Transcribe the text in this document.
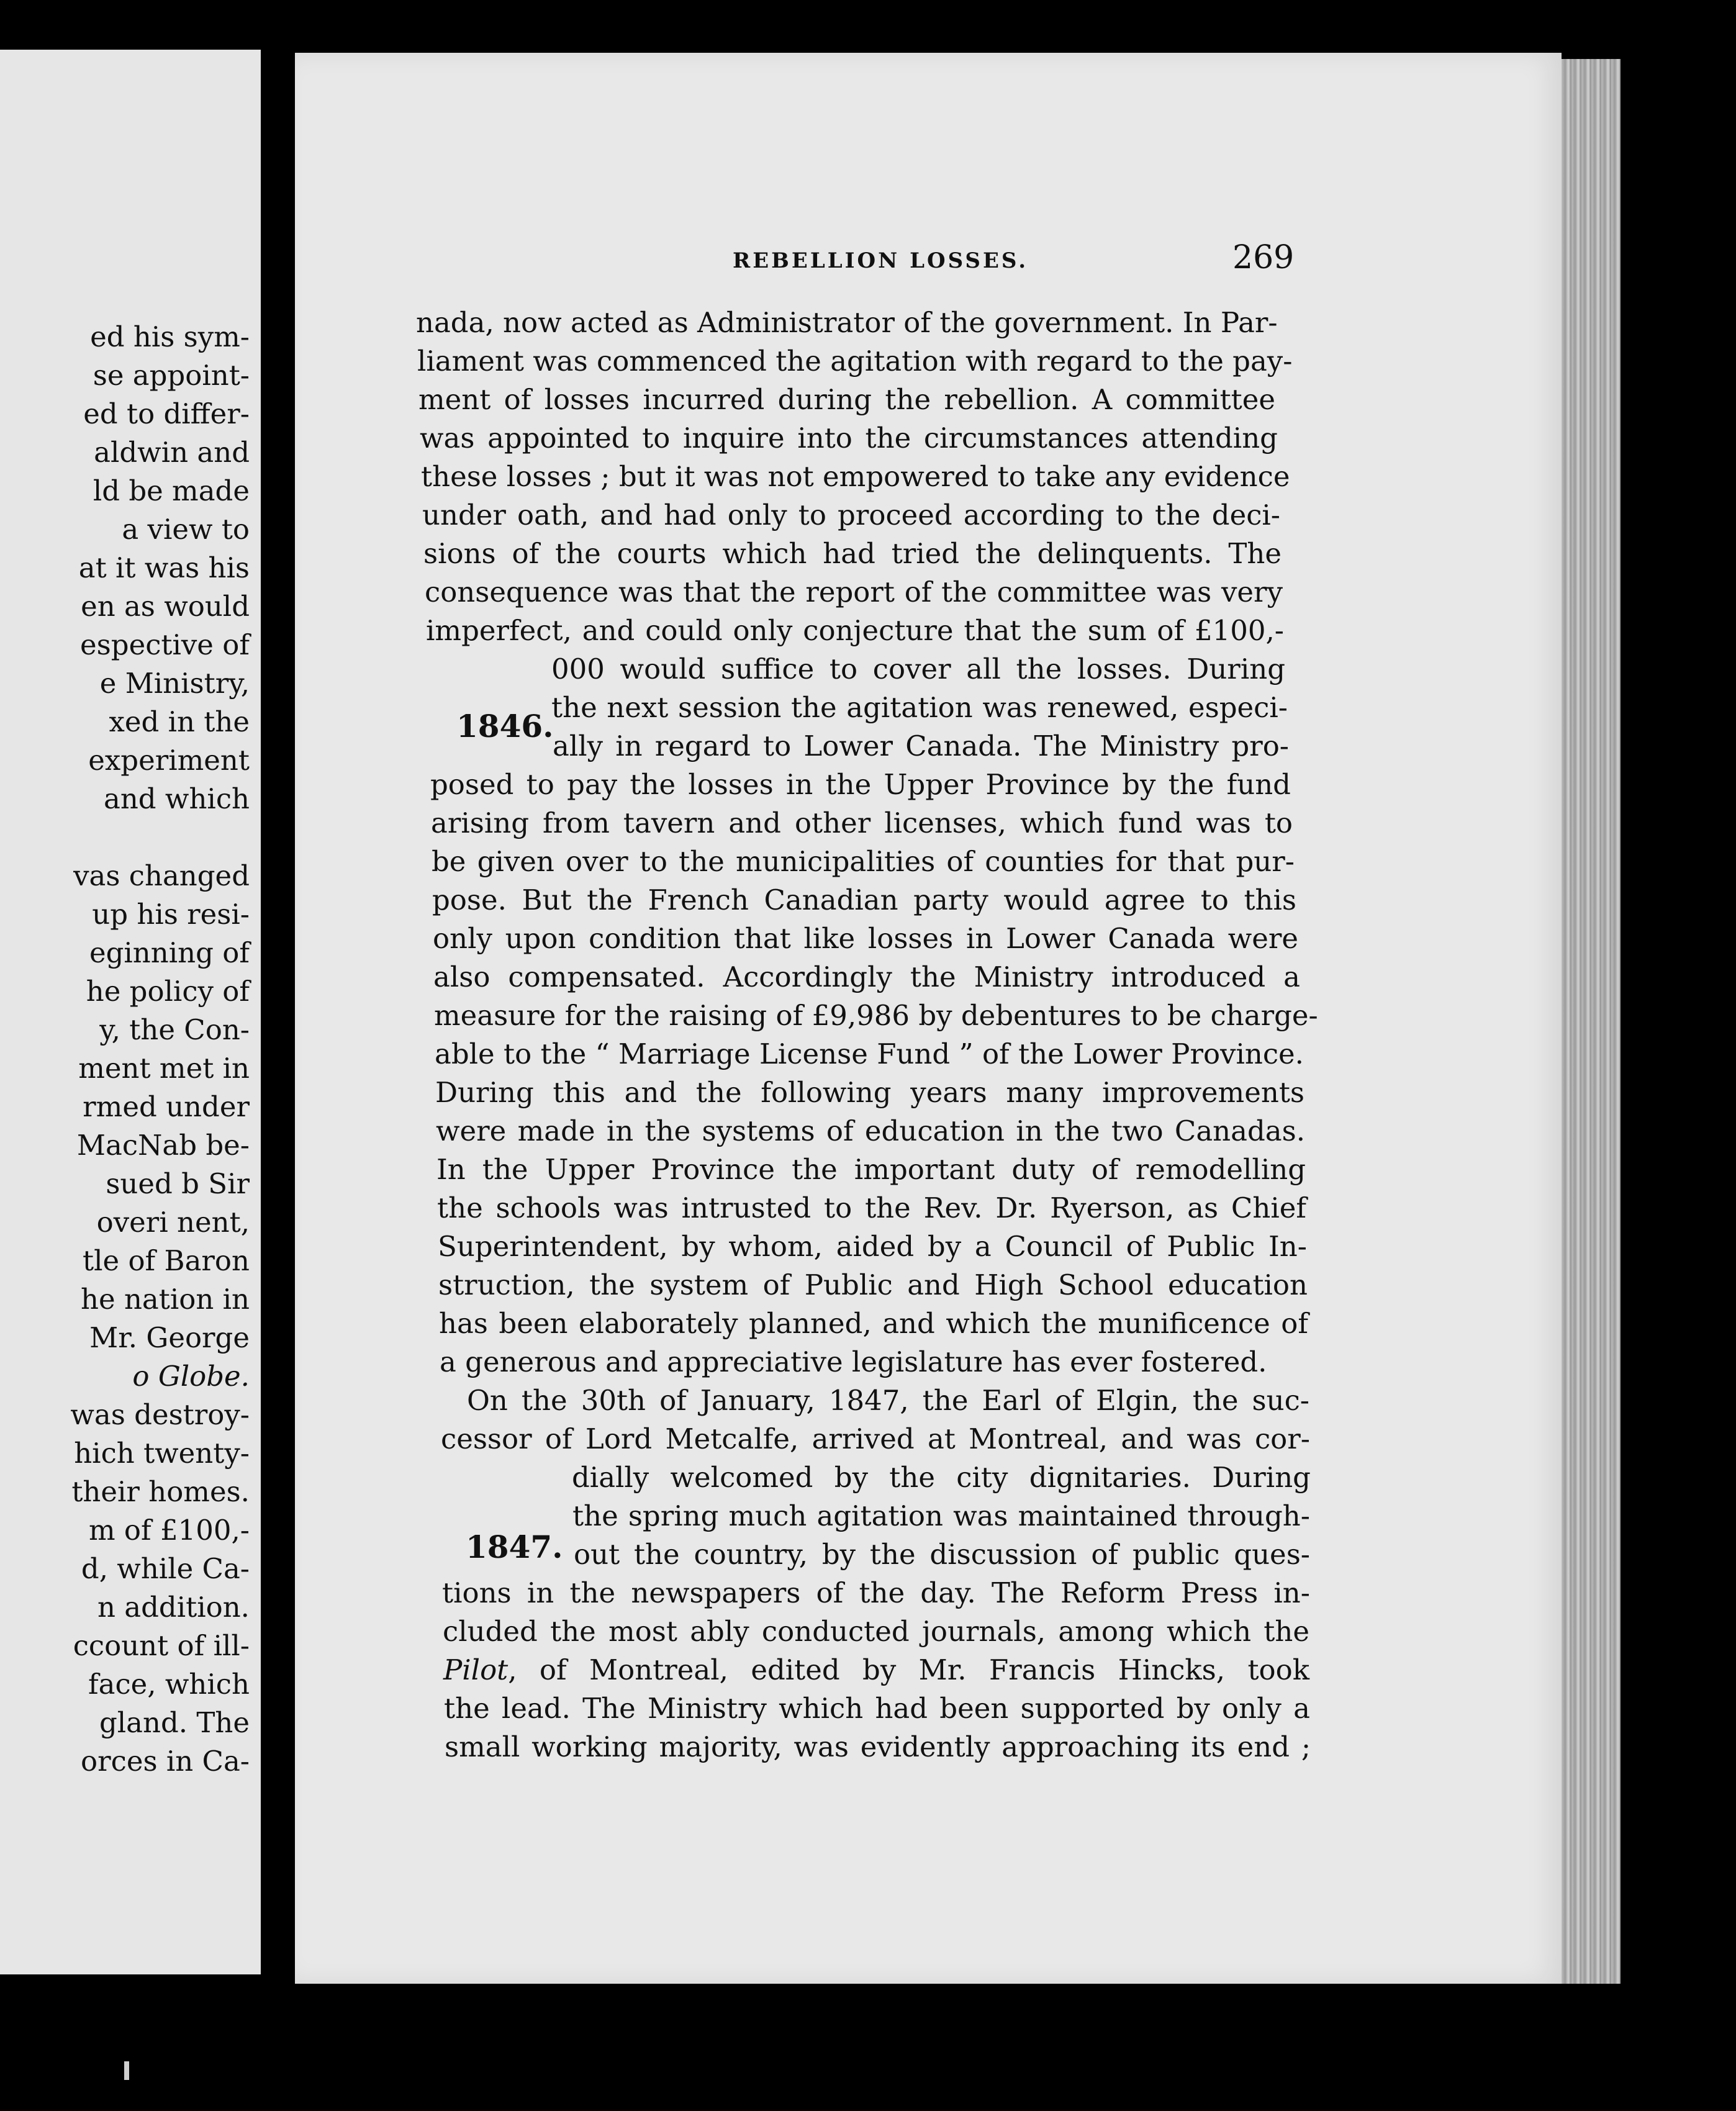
ed his sym-
se appoint-
ed to differ-
aldwin and
ld be made
a view to
at it was his
en as would
espective of
e Ministry,
xed in the
experiment
and which
vas changed
up his resi-
eginning of
he policy of
y, the Con-
ment met in
rmed under
MacNab be-
sued b Sir
overi nent,
tle of Baron
he nation in
Mr. George
o Globe.
was destroy-
hich twenty-
their homes.
m of £100,-
d, while Ca-
n addition.
ccount of ill-
face, which
gland. The
orces in Ca-
REBELLION LOSSES.	269
1846.
1847.
nada, now acted as Administrator of the government. In Par-
liament was commenced the agitation with regard to the pay-
ment of losses incurred during the rebellion. A committee
was appointed to inquire into the circumstances attending
these losses ; but it was not empowered to take any evidence
under oath, and had only to proceed according to the deci-
sions of the courts which had tried the delinquents. The
consequence was that the report of the committee was very
imperfect, and could only conjecture that the sum of £100,-
000 would suffice to cover all the losses. During
the next session the agitation was renewed, especi-
ally in regard to Lower Canada. The Ministry pro-
posed to pay the losses in the Upper Province by the fund
arising from tavern and other licenses, which fund was to
be given over to the municipalities of counties for that pur-
pose. But the French Canadian party would agree to this
only upon condition that like losses in Lower Canada were
also compensated. Accordingly the Ministry introduced a
measure for the raising of £9,986 by debentures to be charge-
able to the “ Marriage License Fund ” of the Lower Province.
During this and the following years many improvements
were made in the systems of education in the two Canadas.
In the Upper Province the important duty of remodelling
the schools was intrusted to the Rev. Dr. Ryerson, as Chief
Superintendent, by whom, aided by a Council of Public In-
struction, the system of Public and High School education
has been elaborately planned, and which the munificence of
a generous and appreciative legislature has ever fostered.
On the 30th of January, 1847, the Earl of Elgin, the suc-
cessor of Lord Metcalfe, arrived at Montreal, and was cor-
dially welcomed by the city dignitaries. During
the spring much agitation was maintained through-
out the country, by the discussion of public ques-
tions in the newspapers of the day. The Reform Press in-
cluded the most ably conducted journals, among which the
Pilot, of Montreal, edited by Mr. Francis Hincks, took
the lead. The Ministry which had been supported by only a
small working majority, was evidently approaching its end ;
